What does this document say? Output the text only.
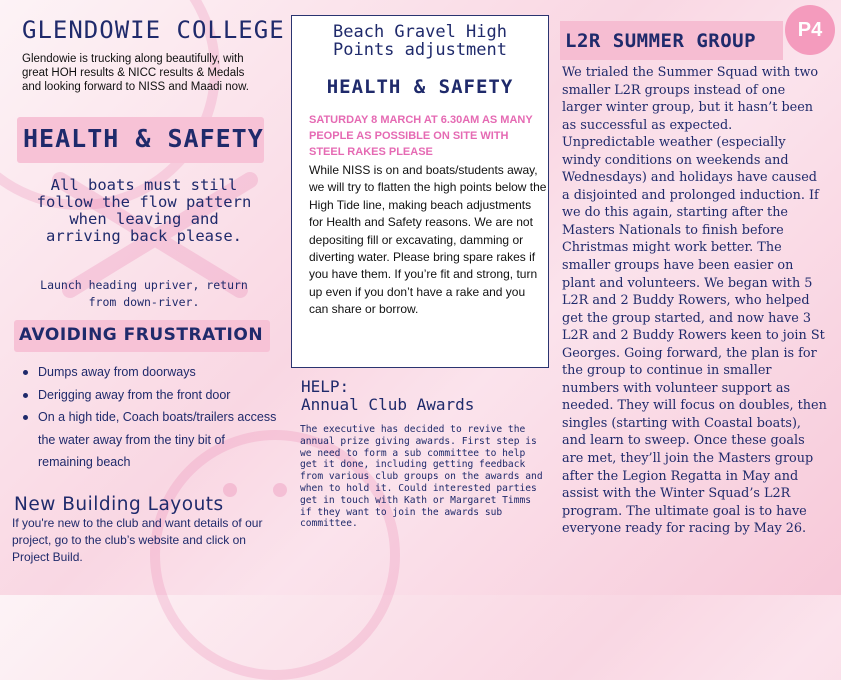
GLENDOWIE COLLEGE
Glendowie is trucking along beautifully, with great HOH results & NICC results & Medals and looking forward to NISS and Maadi now.
HEALTH & SAFETY
All boats must still follow the flow pattern when leaving and arriving back please.
Launch heading upriver, return from down-river.
AVOIDING FRUSTRATION
Dumps away from doorways
Derigging away from the front door
On a high tide, Coach boats/trailers access the water away from the tiny bit of remaining beach
New Building Layouts
If you're new to the club and want details of our project, go to the club’s website and click on Project Build.
Beach Gravel High Points adjustment
HEALTH & SAFETY
SATURDAY 8 MARCH AT 6.30AM AS MANY PEOPLE AS POSSIBLE ON SITE WITH STEEL RAKES PLEASE
While NISS is on and boats/students away, we will try to flatten the high points below the High Tide line, making beach adjustments for Health and Safety reasons. We are not depositing fill or excavating, damming or diverting water. Please bring spare rakes if you have them. If you’re fit and strong, turn up even if you don’t have a rake and you can share or borrow.
HELP:
Annual Club Awards
The executive has decided to revive the annual prize giving awards. First step is we need to form a sub committee to help get it done, including getting feedback from various club groups on the awards and when to hold it. Could interested parties get in touch with Kath or Margaret Timms if they want to join the awards sub committee.
L2R SUMMER GROUP	P4
We trialed the Summer Squad with two smaller L2R groups instead of one larger winter group, but it hasn’t been as successful as expected. Unpredictable weather (especially windy conditions on weekends and Wednesdays) and holidays have caused a disjointed and prolonged induction. If we do this again, starting after the Masters Nationals to finish before Christmas might work better. The smaller groups have been easier on plant and volunteers. We began with 5 L2R and 2 Buddy Rowers, who helped get the group started, and now have 3 L2R and 2 Buddy Rowers keen to join St Georges. Going forward, the plan is for the group to continue in smaller numbers with volunteer support as needed. They will focus on doubles, then singles (starting with Coastal boats), and learn to sweep. Once these goals are met, they’ll join the Masters group after the Legion Regatta in May and assist with the Winter Squad’s L2R program. The ultimate goal is to have everyone ready for racing by May 26.
